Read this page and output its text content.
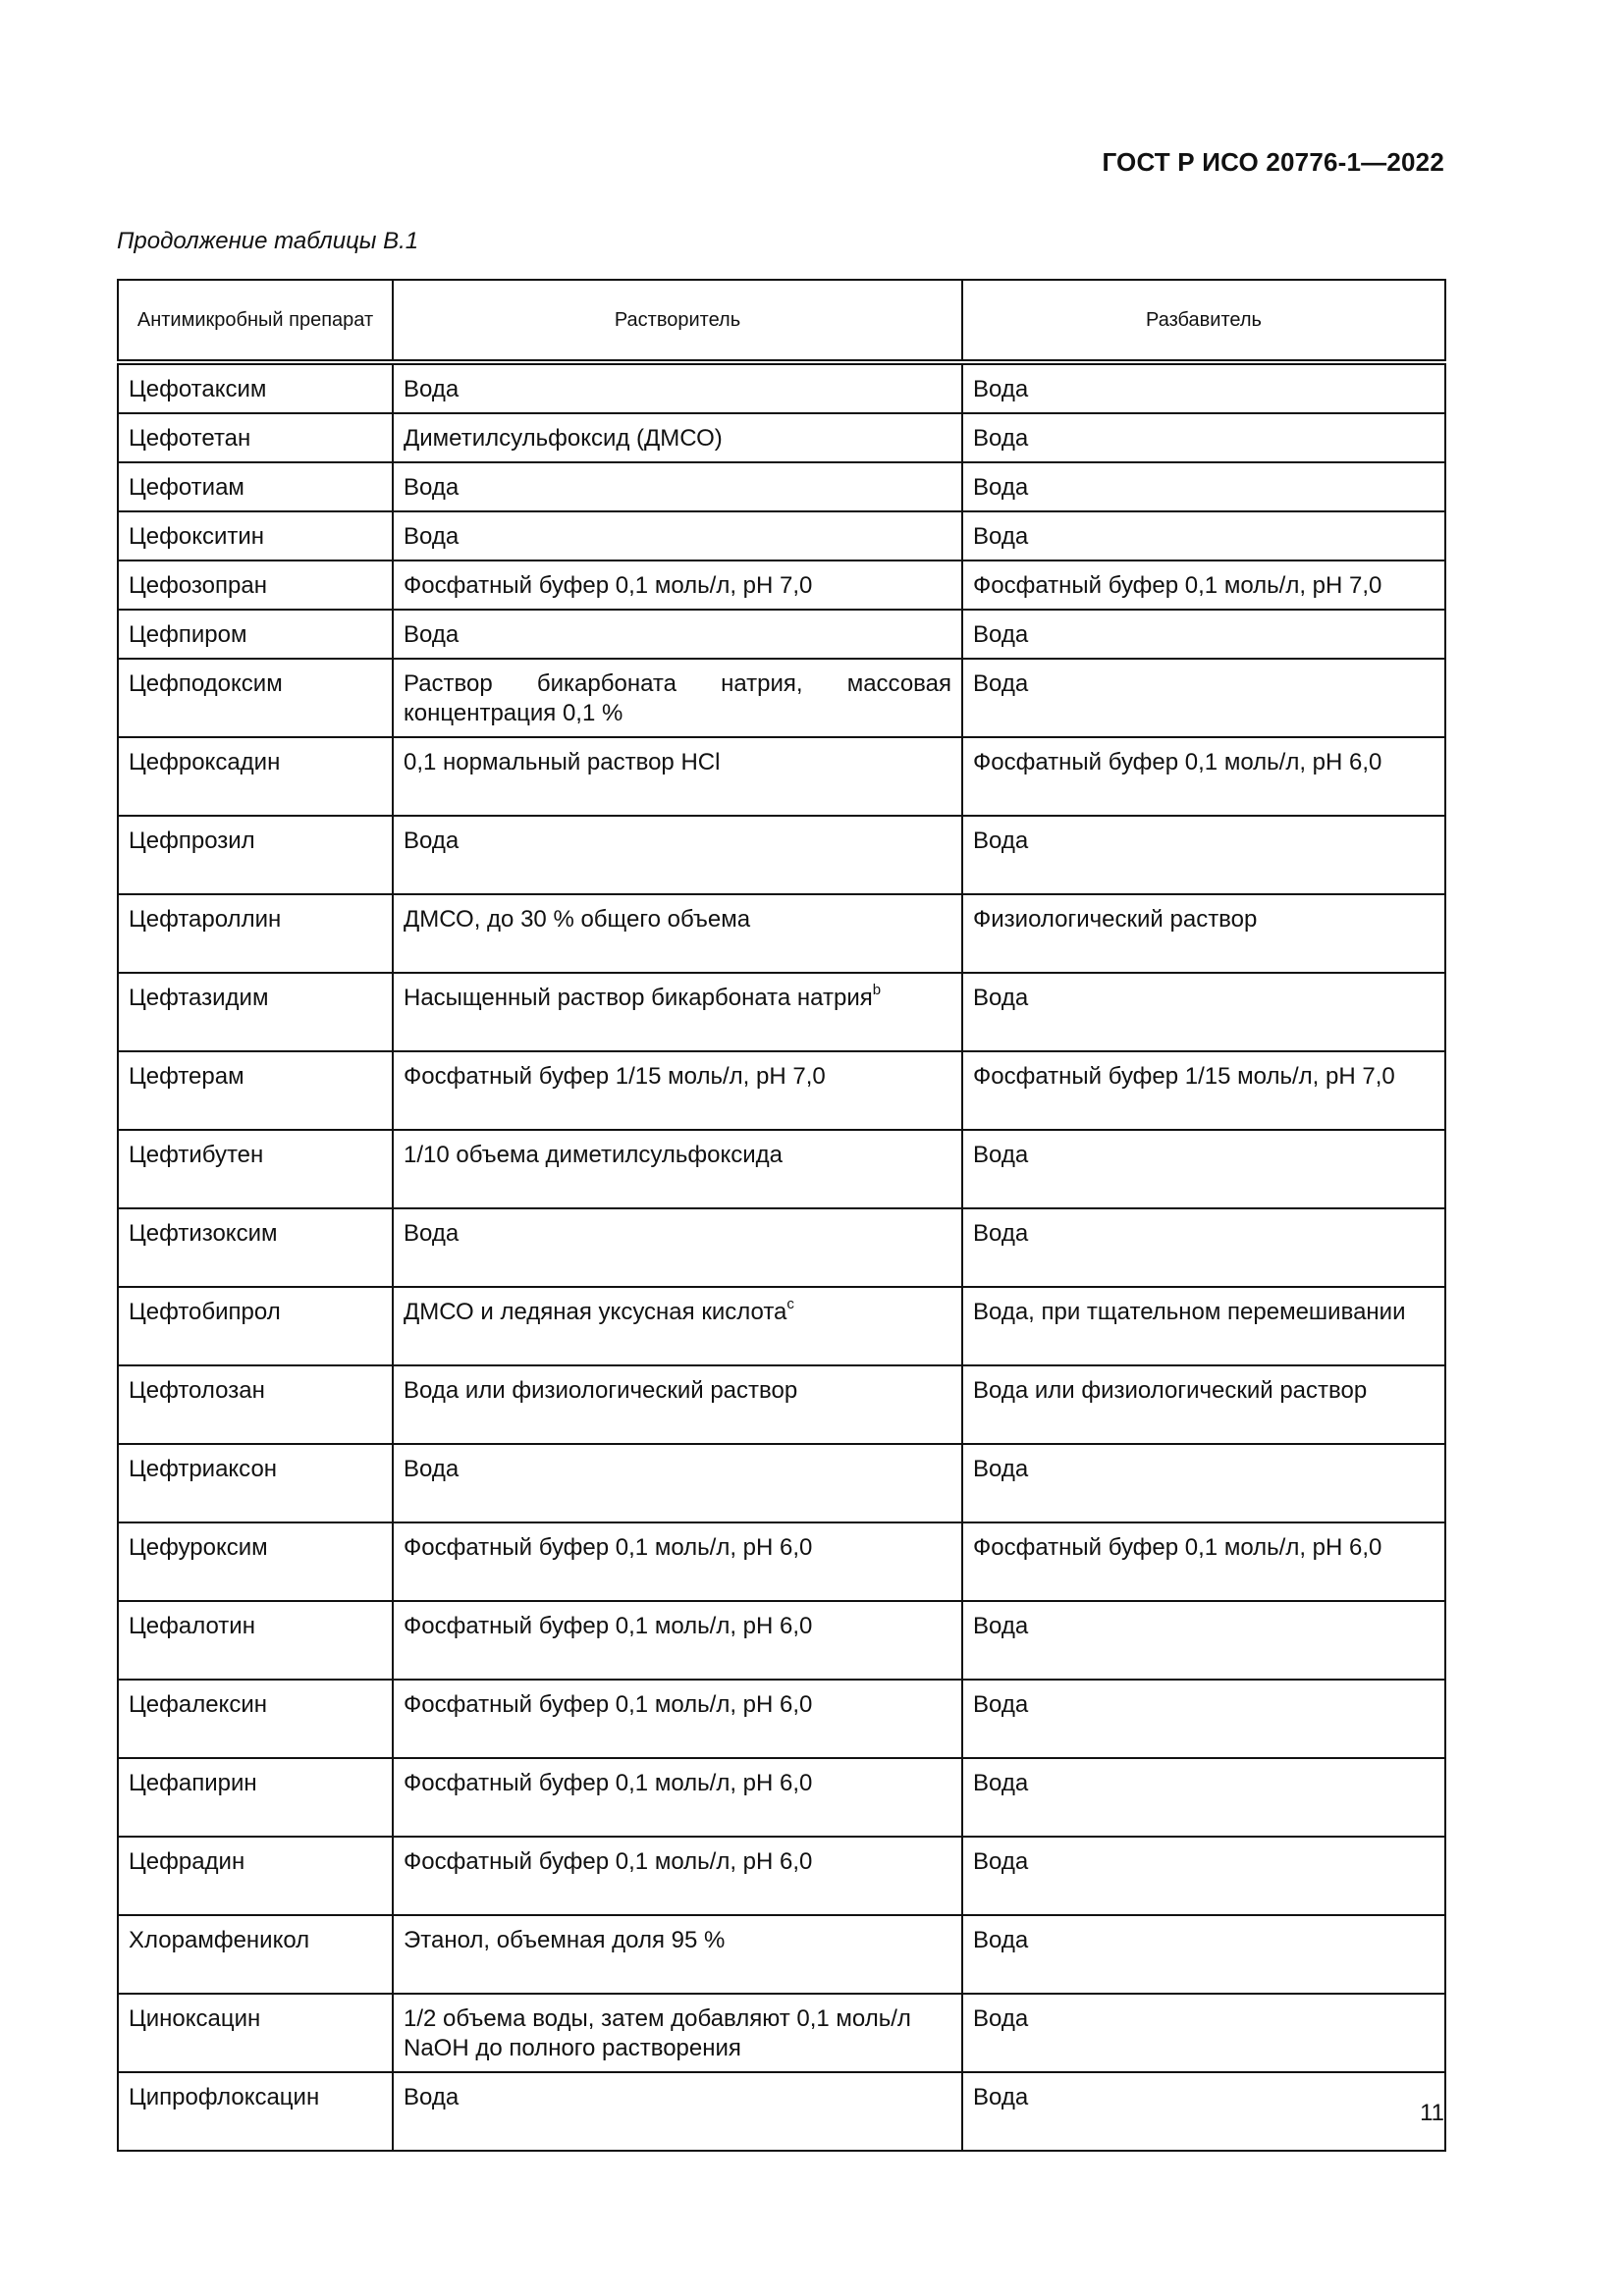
ГОСТ Р ИСО 20776-1—2022
Продолжение таблицы В.1
Антимикробный препарат	Растворитель	Разбавитель
Цефотаксим	Вода	Вода
Цефотетан	Диметилсульфоксид (ДМСО)	Вода
Цефотиам	Вода	Вода
Цефокситин	Вода	Вода
Цефозопран	Фосфатный буфер 0,1 моль/л, pH 7,0	Фосфатный буфер 0,1 моль/л, pH 7,0
Цефпиром	Вода	Вода
Цефподоксим	Раствор бикарбоната натрия, массовая концентрация 0,1 %	Вода
Цефроксадин	0,1 нормальный раствор HCl	Фосфатный буфер 0,1 моль/л, pH 6,0
Цефпрозил	Вода	Вода
Цефтароллин	ДМСО, до 30 % общего объема	Физиологический раствор
Цефтазидим	Насыщенный раствор бикарбоната натрия$^b$	Вода
Цефтерам	Фосфатный буфер 1/15 моль/л, pH 7,0	Фосфатный буфер 1/15 моль/л, pH 7,0
Цефтибутен	1/10 объема диметилсульфоксида	Вода
Цефтизоксим	Вода	Вода
Цефтобипрол	ДМСО и ледяная уксусная кислота$^c$	Вода, при тщательном перемешивании
Цефтолозан	Вода или физиологический раствор	Вода или физиологический раствор
Цефтриаксон	Вода	Вода
Цефуроксим	Фосфатный буфер 0,1 моль/л, pH 6,0	Фосфатный буфер 0,1 моль/л, pH 6,0
Цефалотин	Фосфатный буфер 0,1 моль/л, pH 6,0	Вода
Цефалексин	Фосфатный буфер 0,1 моль/л, pH 6,0	Вода
Цефапирин	Фосфатный буфер 0,1 моль/л, pH 6,0	Вода
Цефрадин	Фосфатный буфер 0,1 моль/л, pH 6,0	Вода
Хлорамфеникол	Этанол, объемная доля 95 %	Вода
Циноксацин	1/2 объема воды, затем добавляют 0,1 моль/л NaOH до полного растворения	Вода
Ципрофлоксацин	Вода	Вода
11
